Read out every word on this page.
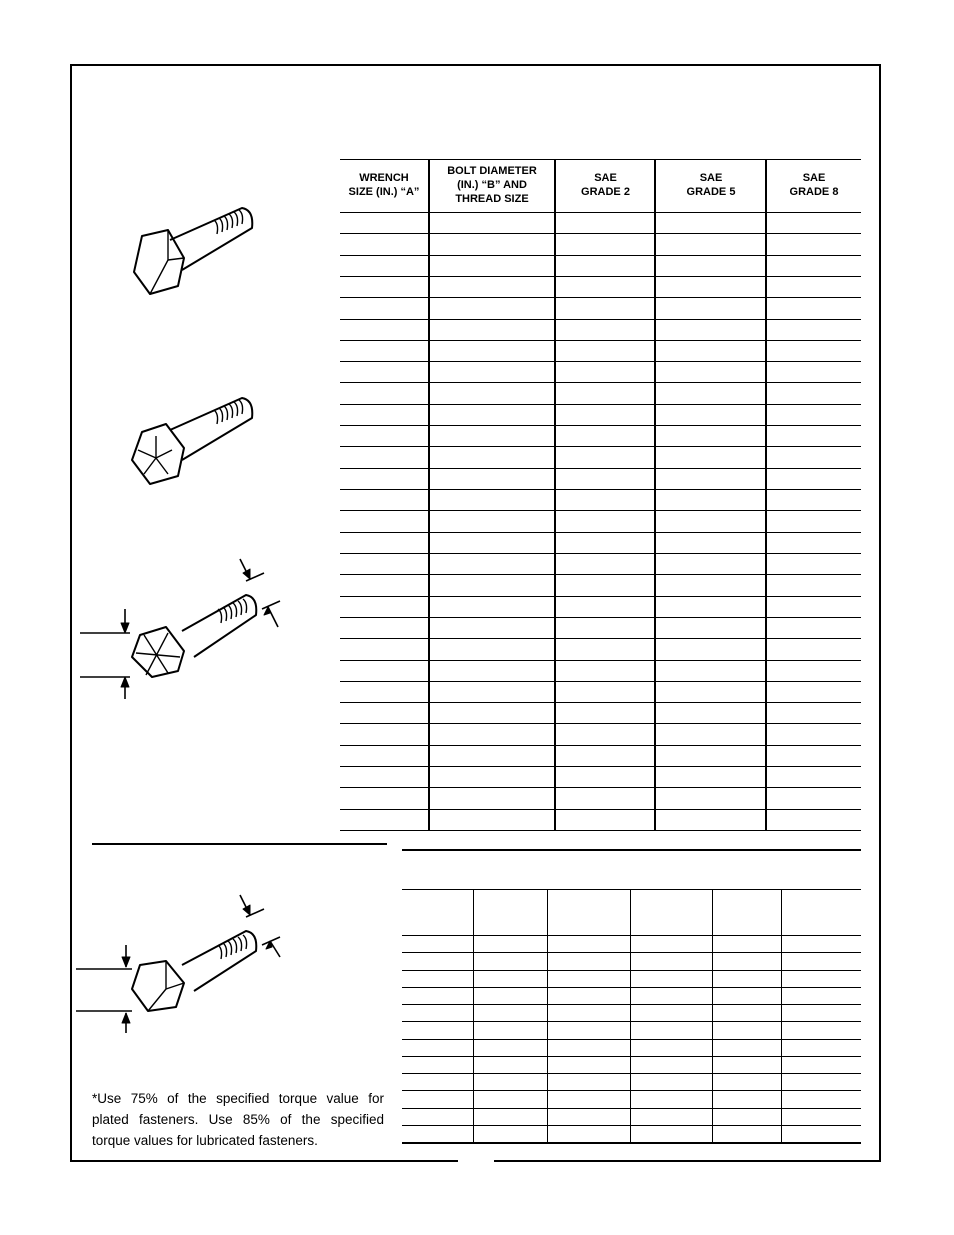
WRENCH
SIZE (IN.) “A”
BOLT DIAMETER
(IN.) “B” AND
THREAD SIZE
SAE
GRADE 2
SAE
GRADE 5
SAE
GRADE 8
*Use 75% of the specified torque value for plated fasteners. Use 85% of the specified torque values for lubricated fasteners.
